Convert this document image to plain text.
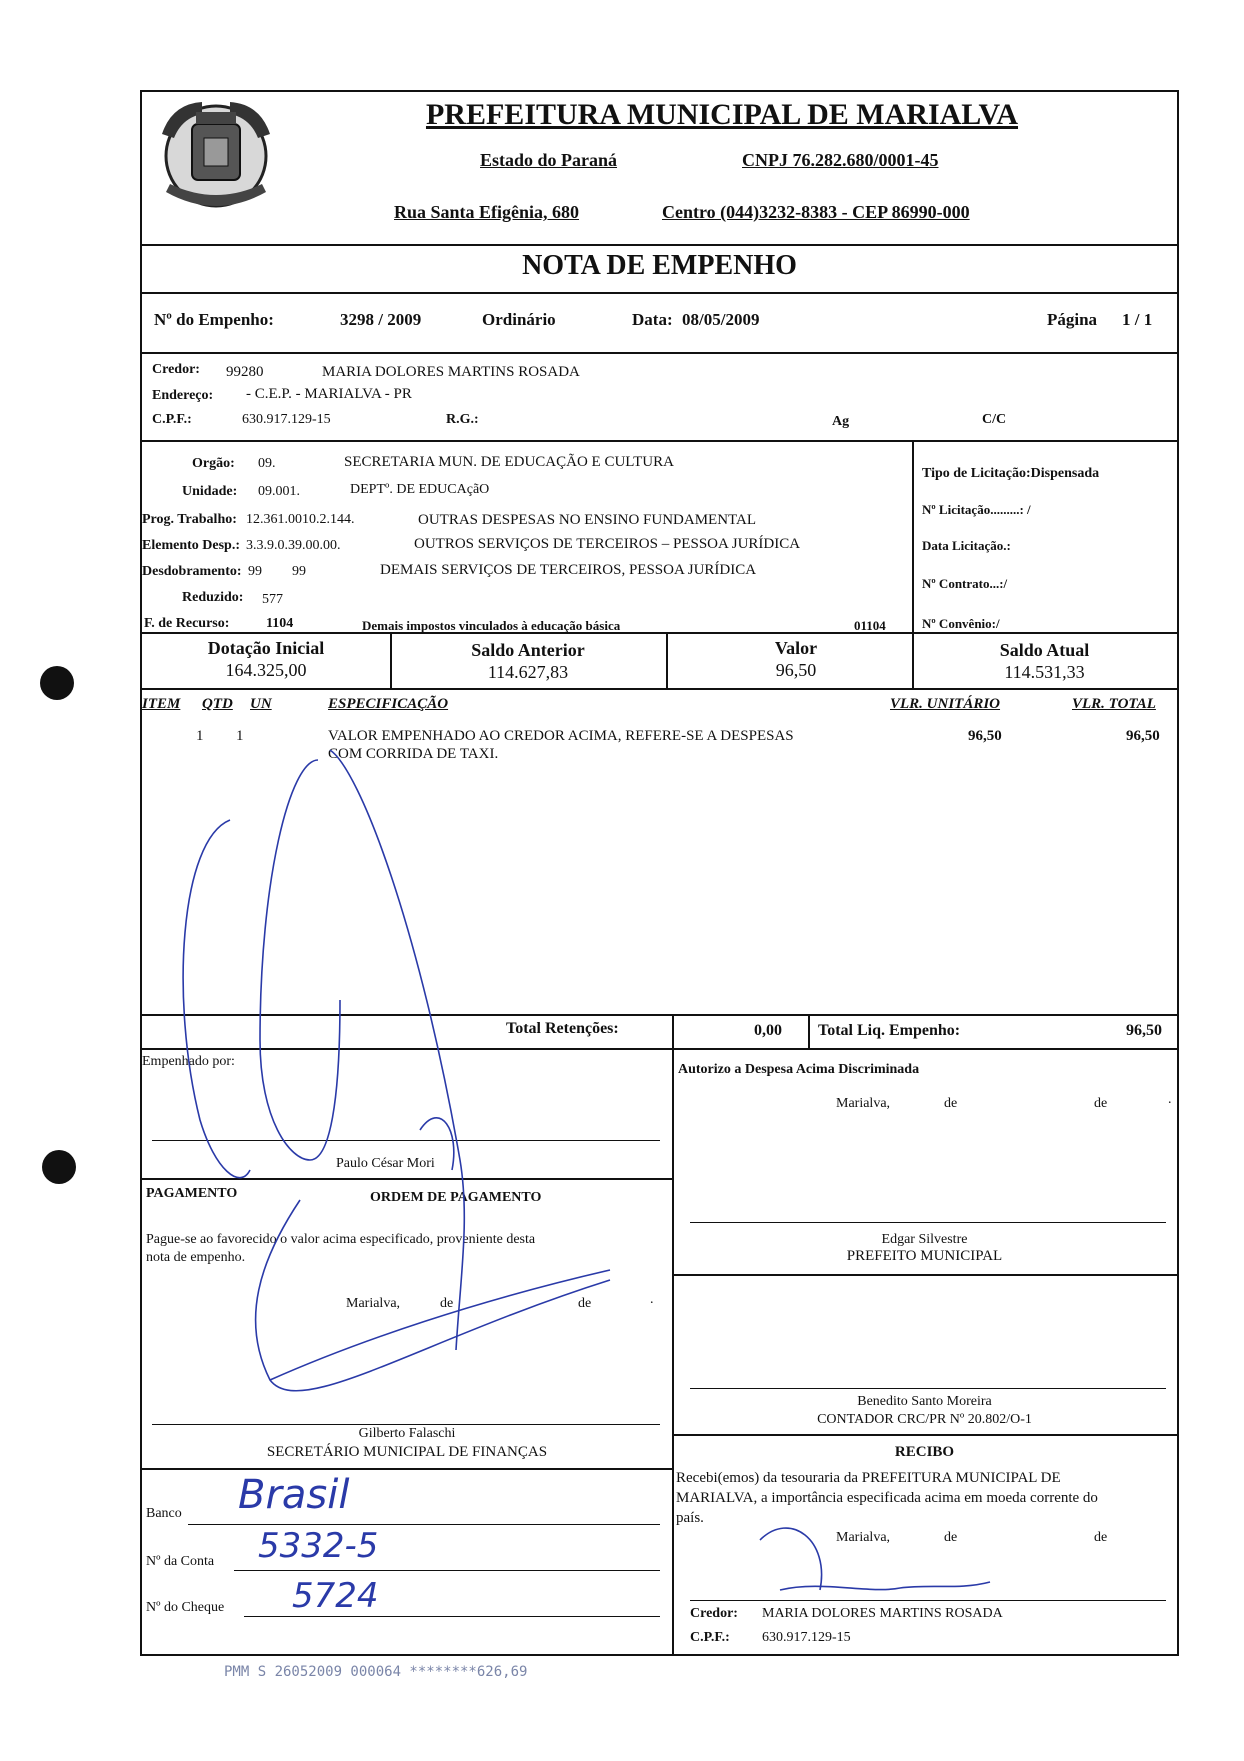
PREFEITURA MUNICIPAL DE MARIALVA
Estado do Paraná	CNPJ 76.282.680/0001-45
Rua Santa Efigênia, 680	Centro (044)3232-8383 - CEP 86990-000
NOTA DE EMPENHO
Nº do Empenho:	3298 / 2009	Ordinário	Data: 08/05/2009	Página 1 / 1
Credor: 99280	MARIA DOLORES MARTINS ROSADA
Endereço: - C.E.P. - MARIALVA - PR
C.P.F.:	630.917.129-15	R.G.:	Ag	C/C
Orgão: 09.	SECRETARIA MUN. DE EDUCAÇÃO E CULTURA
Unidade: 09.001.	DEPTº. DE EDUCAçãO
Prog. Trabalho: 12.361.0010.2.144.	OUTRAS DESPESAS NO ENSINO FUNDAMENTAL
Elemento Desp.: 3.3.9.0.39.00.00.	OUTROS SERVIÇOS DE TERCEIROS – PESSOA JURÍDICA
Desdobramento: 99 99	DEMAIS SERVIÇOS DE TERCEIROS, PESSOA JURÍDICA
Reduzido: 577
F. de Recurso:	1104	Demais impostos vinculados à educação básica	01104
Tipo de Licitação:Dispensada
Nº Licitação.........: /
Data Licitação.:
Nº Contrato...:/
Nº Convênio:/
Dotação Inicial
164.325,00
Saldo Anterior
114.627,83
Valor
96,50
Saldo Atual
114.531,33
ITEM QTD UN	ESPECIFICAÇÃO	VLR. UNITÁRIO	VLR. TOTAL
1 1	VALOR EMPENHADO AO CREDOR ACIMA, REFERE-SE A DESPESAS
COM CORRIDA DE TAXI.
96,50	96,50
Total Retenções:	0,00 Total Liq. Empenho:	96,50
Empenhado por:
Paulo César Mori
PAGAMENTO	ORDEM DE PAGAMENTO
Pague-se ao favorecido o valor acima especificado, proveniente desta
nota de empenho.
Marialva,	de	de	.
Gilberto Falaschi
SECRETÁRIO MUNICIPAL DE FINANÇAS
Banco Brasil
Nº da Conta 5332-5
Nº do Cheque 5724
Autorizo a Despesa Acima Discriminada
Marialva,	de	de	.
Edgar Silvestre
PREFEITO MUNICIPAL
Benedito Santo Moreira
CONTADOR CRC/PR Nº 20.802/O-1
RECIBO
Recebi(emos) da tesouraria da PREFEITURA MUNICIPAL DE
MARIALVA, a importância especificada acima em moeda corrente do
país.
Marialva,	de	de
Credor: MARIA DOLORES MARTINS ROSADA
C.P.F.: 630.917.129-15
PMM S 26052009 000064 ********626,69
